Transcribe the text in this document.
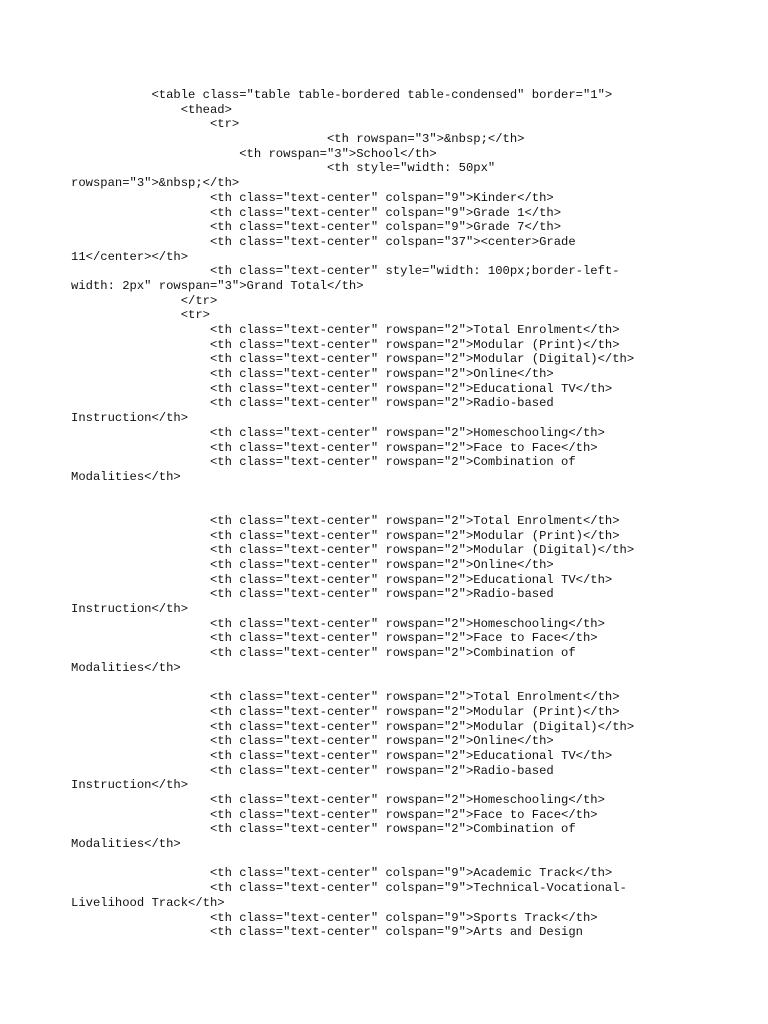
<table class="table table-bordered table-condensed" border="1">
<thead>
<tr>
<th rowspan="3">&nbsp;</th>
<th rowspan="3">School</th>
<th style="width: 50px"
rowspan="3">&nbsp;</th>
<th class="text-center" colspan="9">Kinder</th>
<th class="text-center" colspan="9">Grade 1</th>
<th class="text-center" colspan="9">Grade 7</th>
<th class="text-center" colspan="37"><center>Grade
11</center></th>
<th class="text-center" style="width: 100px;border-left-
width: 2px" rowspan="3">Grand Total</th>
</tr>
<tr>
<th class="text-center" rowspan="2">Total Enrolment</th>
<th class="text-center" rowspan="2">Modular (Print)</th>
<th class="text-center" rowspan="2">Modular (Digital)</th>
<th class="text-center" rowspan="2">Online</th>
<th class="text-center" rowspan="2">Educational TV</th>
<th class="text-center" rowspan="2">Radio-based
Instruction</th>
<th class="text-center" rowspan="2">Homeschooling</th>
<th class="text-center" rowspan="2">Face to Face</th>
<th class="text-center" rowspan="2">Combination of
Modalities</th>
<th class="text-center" rowspan="2">Total Enrolment</th>
<th class="text-center" rowspan="2">Modular (Print)</th>
<th class="text-center" rowspan="2">Modular (Digital)</th>
<th class="text-center" rowspan="2">Online</th>
<th class="text-center" rowspan="2">Educational TV</th>
<th class="text-center" rowspan="2">Radio-based
Instruction</th>
<th class="text-center" rowspan="2">Homeschooling</th>
<th class="text-center" rowspan="2">Face to Face</th>
<th class="text-center" rowspan="2">Combination of
Modalities</th>
<th class="text-center" rowspan="2">Total Enrolment</th>
<th class="text-center" rowspan="2">Modular (Print)</th>
<th class="text-center" rowspan="2">Modular (Digital)</th>
<th class="text-center" rowspan="2">Online</th>
<th class="text-center" rowspan="2">Educational TV</th>
<th class="text-center" rowspan="2">Radio-based
Instruction</th>
<th class="text-center" rowspan="2">Homeschooling</th>
<th class="text-center" rowspan="2">Face to Face</th>
<th class="text-center" rowspan="2">Combination of
Modalities</th>
<th class="text-center" colspan="9">Academic Track</th>
<th class="text-center" colspan="9">Technical-Vocational-
Livelihood Track</th>
<th class="text-center" colspan="9">Sports Track</th>
<th class="text-center" colspan="9">Arts and Design
